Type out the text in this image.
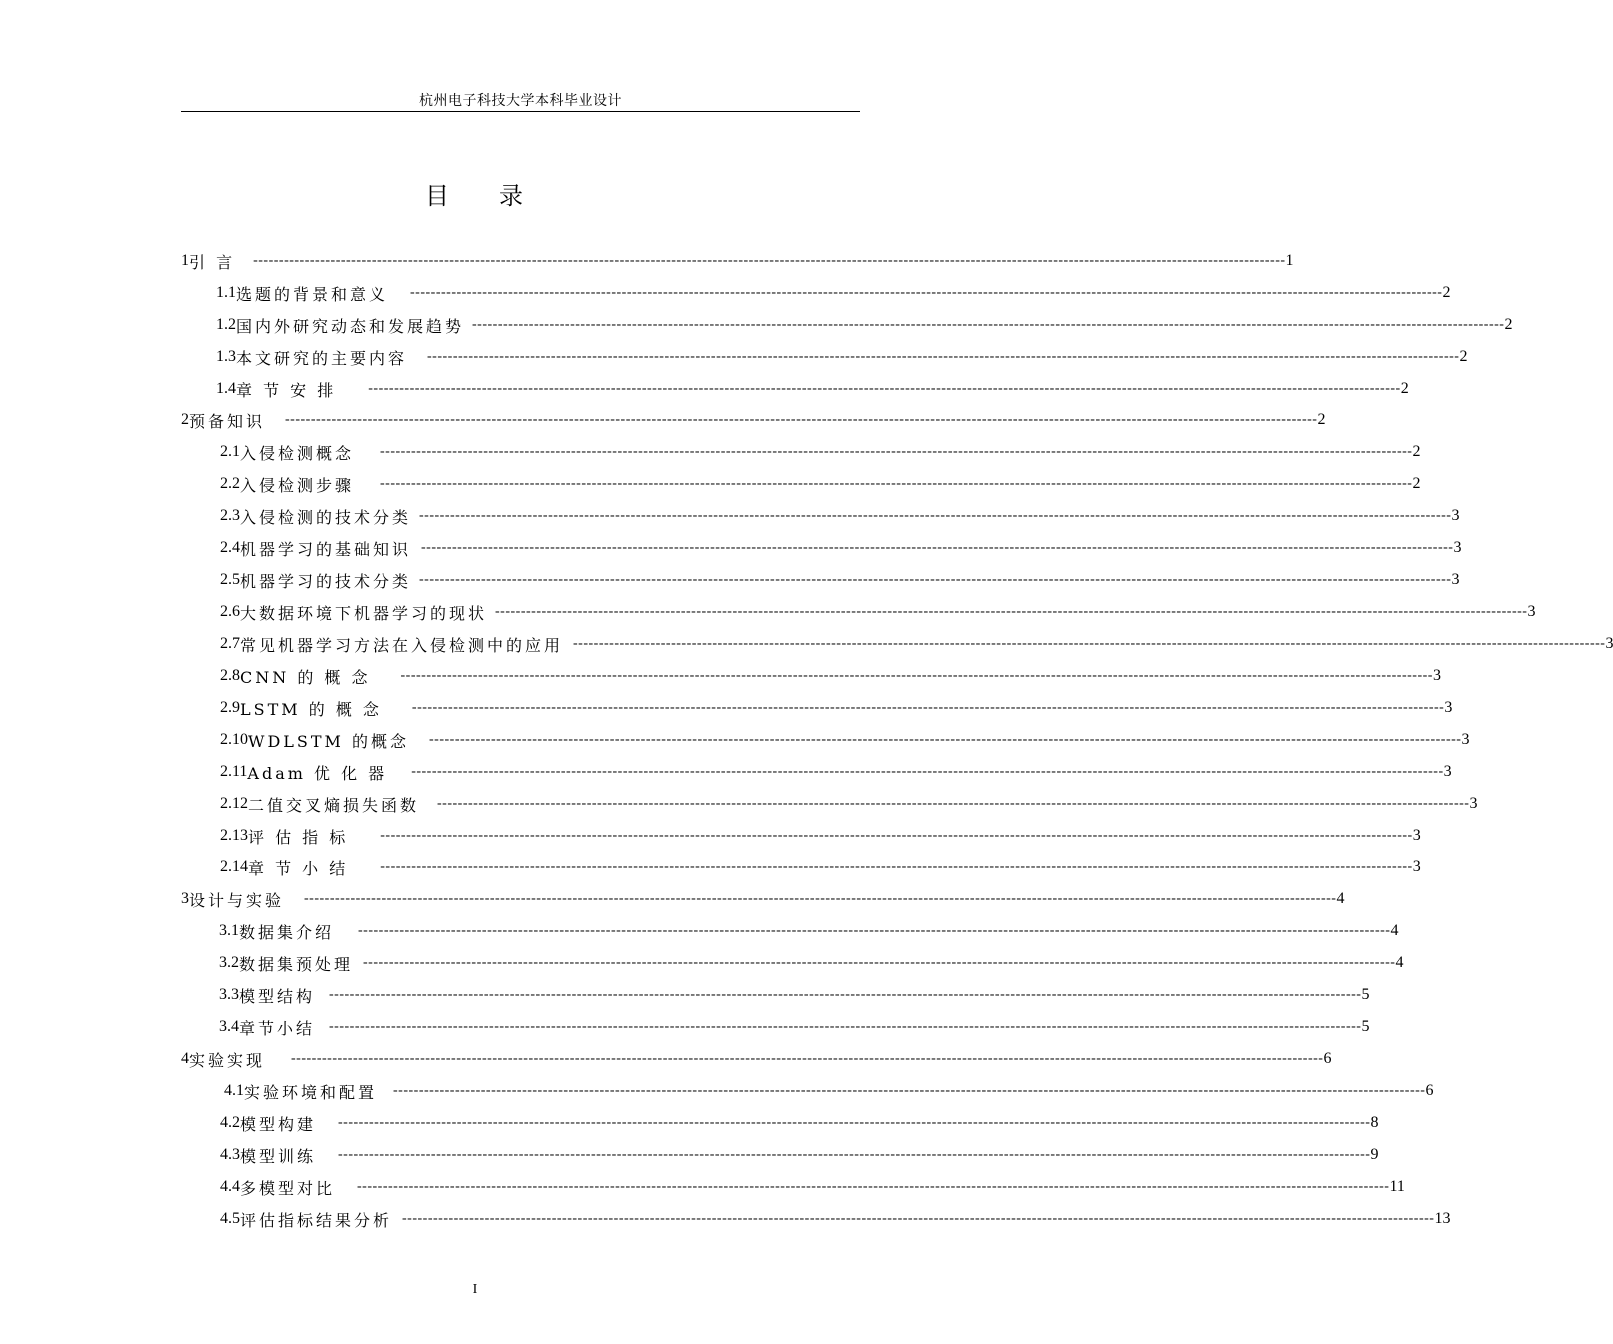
杭州电子科技大学本科毕业设计
目 录
1 引 言 -------------------------------------------------------------------------------------------------------------------------------------------------------------------------------------------------------- 1
1.1 选题的背景和意义 -------------------------------------------------------------------------------------------------------------------------------------------------------------------------------------------------------- 2
1.2 国内外研究动态和发展趋势 -------------------------------------------------------------------------------------------------------------------------------------------------------------------------------------------------------- 2
1.3 本文研究的主要内容 -------------------------------------------------------------------------------------------------------------------------------------------------------------------------------------------------------- 2
1.4 章 节 安 排 -------------------------------------------------------------------------------------------------------------------------------------------------------------------------------------------------------- 2
2 预备知识 -------------------------------------------------------------------------------------------------------------------------------------------------------------------------------------------------------- 2
2.1 入侵检测概念 -------------------------------------------------------------------------------------------------------------------------------------------------------------------------------------------------------- 2
2.2 入侵检测步骤 -------------------------------------------------------------------------------------------------------------------------------------------------------------------------------------------------------- 2
2.3 入侵检测的技术分类 -------------------------------------------------------------------------------------------------------------------------------------------------------------------------------------------------------- 3
2.4 机器学习的基础知识 -------------------------------------------------------------------------------------------------------------------------------------------------------------------------------------------------------- 3
2.5 机器学习的技术分类 -------------------------------------------------------------------------------------------------------------------------------------------------------------------------------------------------------- 3
2.6 大数据环境下机器学习的现状 -------------------------------------------------------------------------------------------------------------------------------------------------------------------------------------------------------- 3
2.7 常见机器学习方法在入侵检测中的应用 -------------------------------------------------------------------------------------------------------------------------------------------------------------------------------------------------------- 3
2.8 CNN 的 概 念 -------------------------------------------------------------------------------------------------------------------------------------------------------------------------------------------------------- 3
2.9 LSTM 的 概 念 -------------------------------------------------------------------------------------------------------------------------------------------------------------------------------------------------------- 3
2.10 WDLSTM 的概念 -------------------------------------------------------------------------------------------------------------------------------------------------------------------------------------------------------- 3
2.11 Adam 优 化 器 -------------------------------------------------------------------------------------------------------------------------------------------------------------------------------------------------------- 3
2.12 二值交叉熵损失函数 -------------------------------------------------------------------------------------------------------------------------------------------------------------------------------------------------------- 3
2.13 评 估 指 标 -------------------------------------------------------------------------------------------------------------------------------------------------------------------------------------------------------- 3
2.14 章 节 小 结 -------------------------------------------------------------------------------------------------------------------------------------------------------------------------------------------------------- 3
3 设计与实验 -------------------------------------------------------------------------------------------------------------------------------------------------------------------------------------------------------- 4
3.1 数据集介绍 -------------------------------------------------------------------------------------------------------------------------------------------------------------------------------------------------------- 4
3.2 数据集预处理 -------------------------------------------------------------------------------------------------------------------------------------------------------------------------------------------------------- 4
3.3 模型结构 -------------------------------------------------------------------------------------------------------------------------------------------------------------------------------------------------------- 5
3.4 章节小结 -------------------------------------------------------------------------------------------------------------------------------------------------------------------------------------------------------- 5
4 实验实现 -------------------------------------------------------------------------------------------------------------------------------------------------------------------------------------------------------- 6
4.1 实验环境和配置 -------------------------------------------------------------------------------------------------------------------------------------------------------------------------------------------------------- 6
4.2 模型构建 -------------------------------------------------------------------------------------------------------------------------------------------------------------------------------------------------------- 8
4.3 模型训练 -------------------------------------------------------------------------------------------------------------------------------------------------------------------------------------------------------- 9
4.4 多模型对比 -------------------------------------------------------------------------------------------------------------------------------------------------------------------------------------------------------- 11
4.5 评估指标结果分析 -------------------------------------------------------------------------------------------------------------------------------------------------------------------------------------------------------- 13
I
